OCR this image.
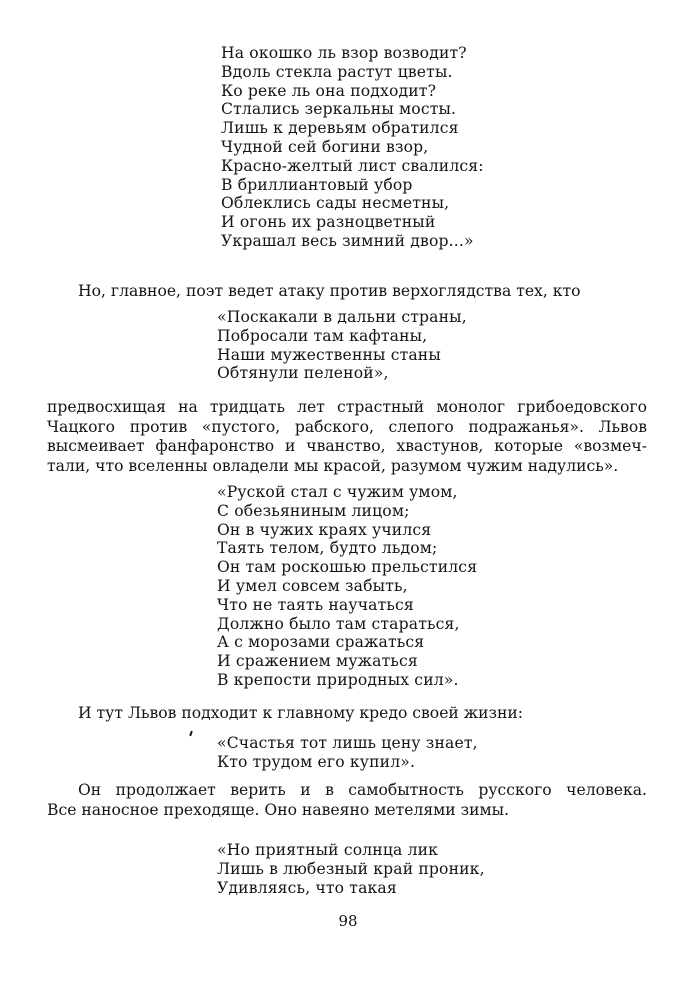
На окошко ль взор возводит?
Вдоль стекла растут цветы.
Ко реке ль она подходит?
Стлались зеркальны мосты.
Лишь к деревьям обратился
Чудной сей богини взор,
Красно-желтый лист свалился:
В бриллиантовый убор
Облеклись сады несметны,
И огонь их разноцветный
Украшал весь зимний двор...»
Но, главное, поэт ведет атаку против верхоглядства тех, кто
«Поскакали в дальни страны,
Побросали там кафтаны,
Наши мужественны станы
Обтянули пеленой»,
предвосхищая на тридцать лет страстный монолог грибоедовского
Чацкого против «пустого, рабского, слепого подражанья». Львов
высмеивает фанфаронство и чванство, хвастунов, которые «возмеч-
тали, что вселенны овладели мы красой, разумом чужим надулись».
«Руской стал с чужим умом,
С обезьяниным лицом;
Он в чужих краях учился
Таять телом, будто льдом;
Он там роскошью прельстился
И умел совсем забыть,
Что не таять научаться
Должно было там стараться,
А с морозами сражаться
И сражением мужаться
В крепости природных сил».
И тут Львов подходит к главному кредо своей жизни:
«Счастья тот лишь цену знает,
Кто трудом его купил».
Он продолжает верить и в самобытность русского человека.
Все наносное преходяще. Оно навеяно метелями зимы.
«Но приятный солнца лик
Лишь в любезный край проник,
Удивляясь, что такая
98
